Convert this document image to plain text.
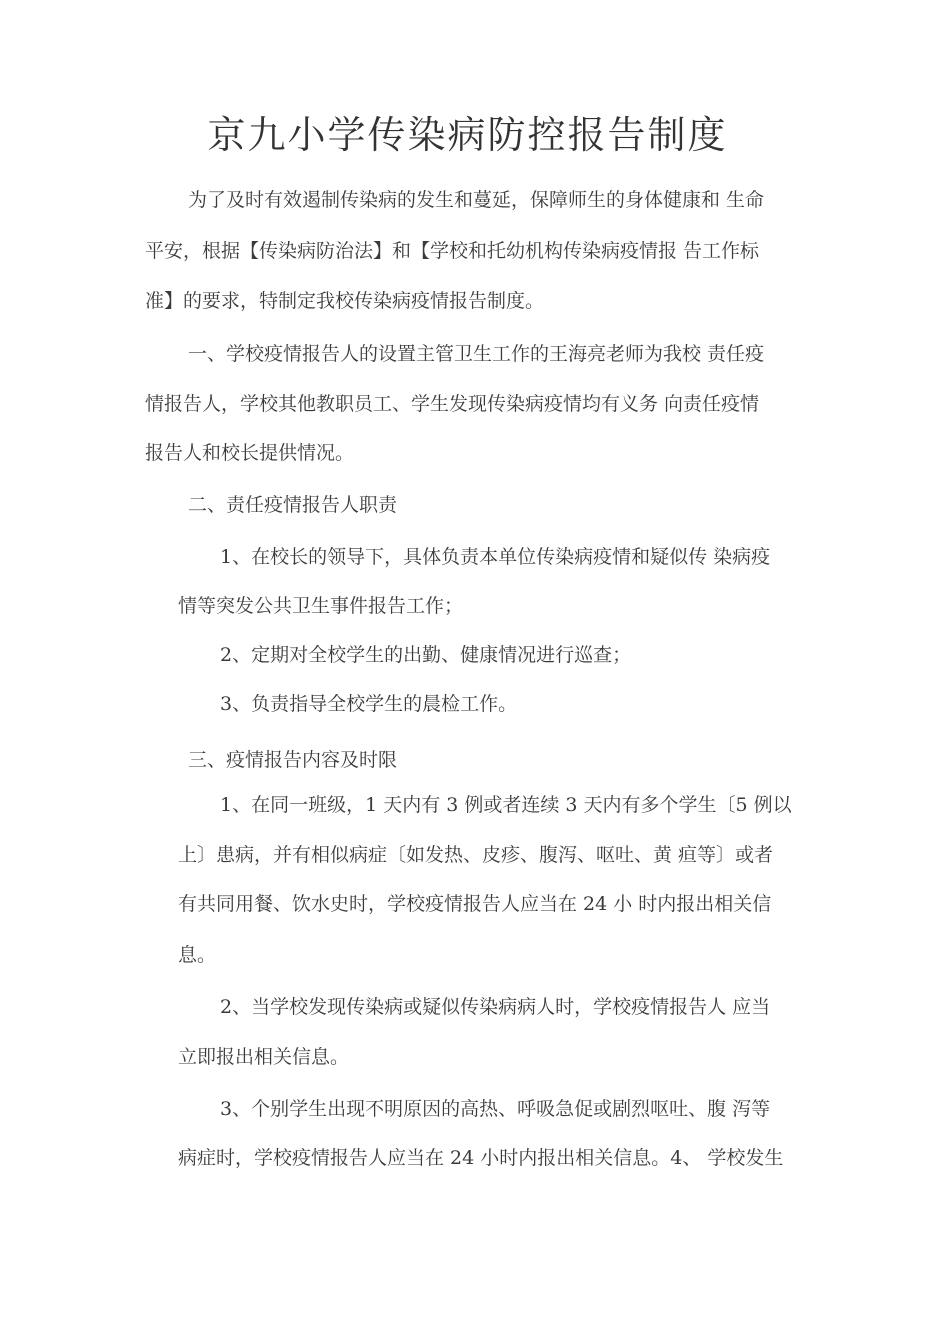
京九小学传染病防控报告制度
为了及时有效遏制传染病的发生和蔓延，保障师生的身体健康和 生命
平安，根据【传染病防治法】和【学校和托幼机构传染病疫情报 告工作标
准】的要求，特制定我校传染病疫情报告制度。
一、学校疫情报告人的设置主管卫生工作的王海亮老师为我校 责任疫
情报告人，学校其他教职员工、学生发现传染病疫情均有义务 向责任疫情
报告人和校长提供情况。
二、责任疫情报告人职责
1、在校长的领导下，具体负责本单位传染病疫情和疑似传 染病疫
情等突发公共卫生事件报告工作；
2、定期对全校学生的出勤、健康情况进行巡查；
3、负责指导全校学生的晨检工作。
三、疫情报告内容及时限
1、在同一班级，1 天内有 3 例或者连续 3 天内有多个学生〔5 例以
上〕患病，并有相似病症〔如发热、皮疹、腹泻、呕吐、黄 疸等〕或者
有共同用餐、饮水史时，学校疫情报告人应当在 24 小 时内报出相关信
息。
2、当学校发现传染病或疑似传染病病人时，学校疫情报告人 应当
立即报出相关信息。
3、个别学生出现不明原因的高热、呼吸急促或剧烈呕吐、腹 泻等
病症时，学校疫情报告人应当在 24 小时内报出相关信息。4、 学校发生
